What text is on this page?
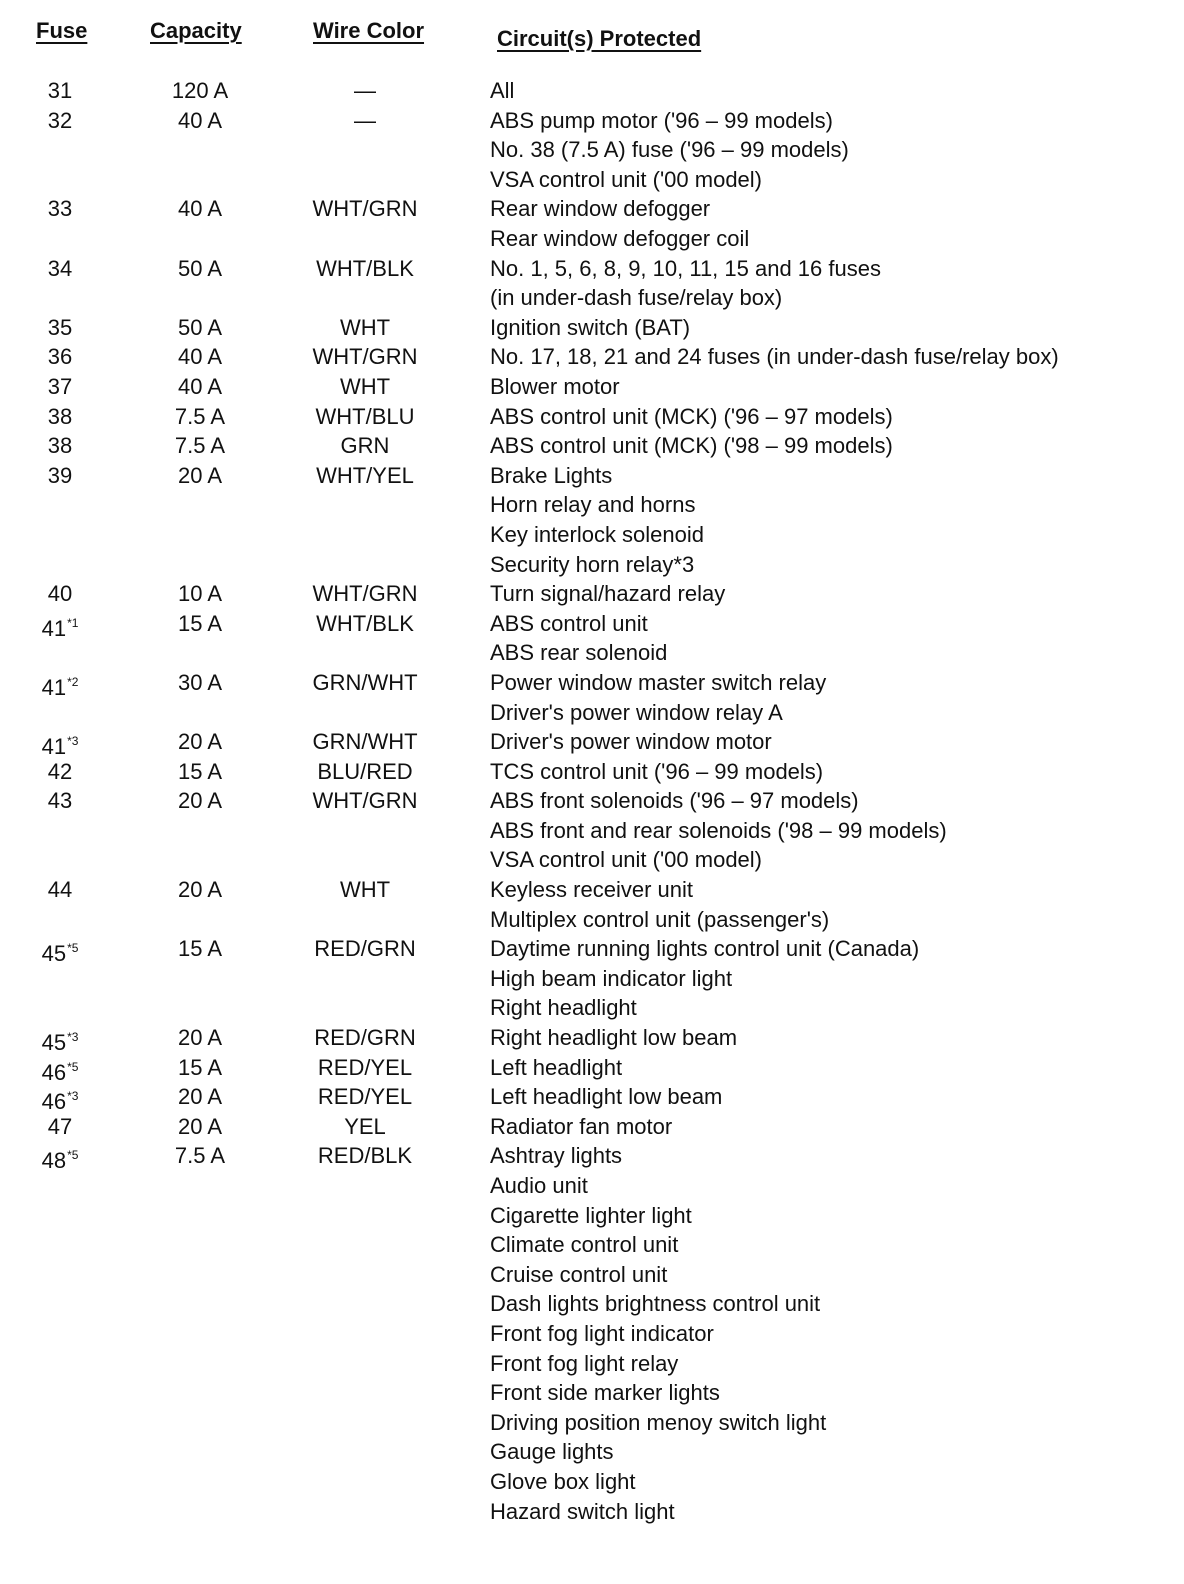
Fuse	Capacity	Wire Color	Circuit(s) Protected
31	120 A	—	All
32	40 A	—	ABS pump motor ('96 – 99 models)
No. 38 (7.5 A) fuse ('96 – 99 models)
VSA control unit ('00 model)
33	40 A	WHT/GRN	Rear window defogger
Rear window defogger coil
34	50 A	WHT/BLK	No. 1, 5, 6, 8, 9, 10, 11, 15 and 16 fuses
(in under-dash fuse/relay box)
35	50 A	WHT	Ignition switch (BAT)
36	40 A	WHT/GRN	No. 17, 18, 21 and 24 fuses (in under-dash fuse/relay box)
37	40 A	WHT	Blower motor
38	7.5 A	WHT/BLU	ABS control unit (MCK) ('96 – 97 models)
38	7.5 A	GRN	ABS control unit (MCK) ('98 – 99 models)
39	20 A	WHT/YEL	Brake Lights
Horn relay and horns
Key interlock solenoid
Security horn relay*3
40	10 A	WHT/GRN	Turn signal/hazard relay
41$^{*1}$	15 A	WHT/BLK	ABS control unit
ABS rear solenoid
41$^{*2}$	30 A	GRN/WHT	Power window master switch relay
Driver's power window relay A
41$^{*3}$	20 A	GRN/WHT	Driver's power window motor
42	15 A	BLU/RED	TCS control unit ('96 – 99 models)
43	20 A	WHT/GRN	ABS front solenoids ('96 – 97 models)
ABS front and rear solenoids ('98 – 99 models)
VSA control unit ('00 model)
44	20 A	WHT	Keyless receiver unit
Multiplex control unit (passenger's)
45$^{*5}$	15 A	RED/GRN	Daytime running lights control unit (Canada)
High beam indicator light
Right headlight
45$^{*3}$	20 A	RED/GRN	Right headlight low beam
46$^{*5}$	15 A	RED/YEL	Left headlight
46$^{*3}$	20 A	RED/YEL	Left headlight low beam
47	20 A	YEL	Radiator fan motor
48$^{*5}$	7.5 A	RED/BLK	Ashtray lights
Audio unit
Cigarette lighter light
Climate control unit
Cruise control unit
Dash lights brightness control unit
Front fog light indicator
Front fog light relay
Front side marker lights
Driving position menoy switch light
Gauge lights
Glove box light
Hazard switch light
